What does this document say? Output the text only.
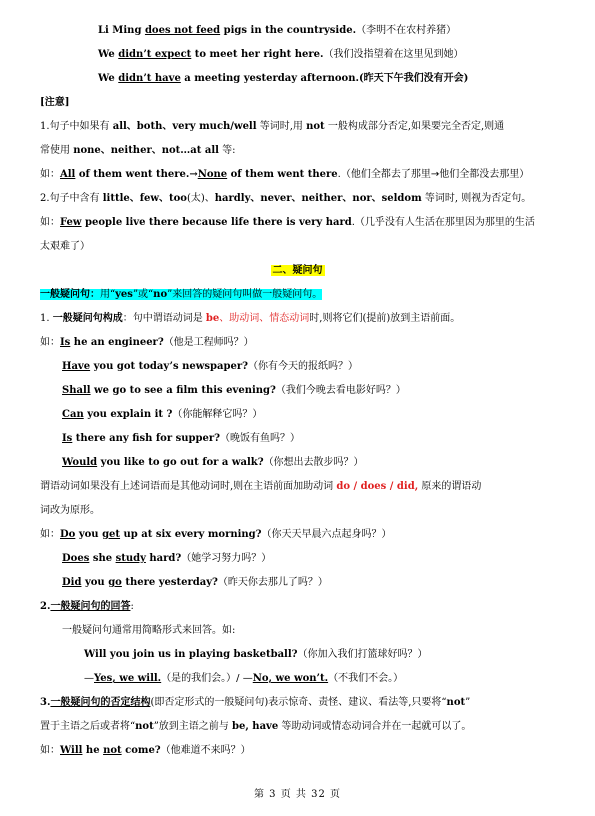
Li Ming does not feed pigs in the countryside.（李明不在农村养猪）
We didn’t expect to meet her right here.（我们没指望着在这里见到她）
We didn’t have a meeting yesterday afternoon.(昨天下午我们没有开会)
[注意]
1.句子中如果有 all、both、very much/well 等词时,用 not 一般构成部分否定,如果要完全否定,则通
常使用 none、neither、not…at all 等:
如：All of them went there.→None of them went there.（他们全都去了那里→他们全都没去那里）
2.句子中含有 little、few、too(太)、hardly、never、neither、nor、seldom 等词时, 则视为否定句。
如：Few people live there because life there is very hard.（几乎没有人生活在那里因为那里的生活
太艰难了）
二、疑问句
一般疑问句：用“yes”或“no”来回答的疑问句叫做一般疑问句。
1. 一般疑问句构成：句中谓语动词是 be、助动词、情态动词时,则将它们(提前)放到主语前面。
如：Is he an engineer?（他是工程师吗？）
Have you got today’s newspaper?（你有今天的报纸吗？）
Shall we go to see a film this evening?（我们今晚去看电影好吗？）
Can you explain it ?（你能解释它吗？）
Is there any fish for supper?（晚饭有鱼吗？）
Would you like to go out for a walk?（你想出去散步吗？）
谓语动词如果没有上述词语而是其他动词时,则在主语前面加助动词 do / does / did, 原来的谓语动
词改为原形。
如：Do you get up at six every morning?（你天天早晨六点起身吗？）
Does she study hard?（她学习努力吗？）
Did you go there yesterday?（昨天你去那儿了吗？）
2.一般疑问句的回答:
一般疑问句通常用简略形式来回答。如:
Will you join us in playing basketball?（你加入我们打篮球好吗？）
—Yes, we will.（是的我们会。）/ —No, we won’t.（不我们不会。）
3.一般疑问句的否定结构(即否定形式的一般疑问句)表示惊奇、责怪、建议、看法等,只要将“not”
置于主语之后或者将“not”放到主语之前与 be, have 等助动词或情态动词合并在一起就可以了。
如：Will he not come?（他难道不来吗？）
第 3 页 共 32 页
